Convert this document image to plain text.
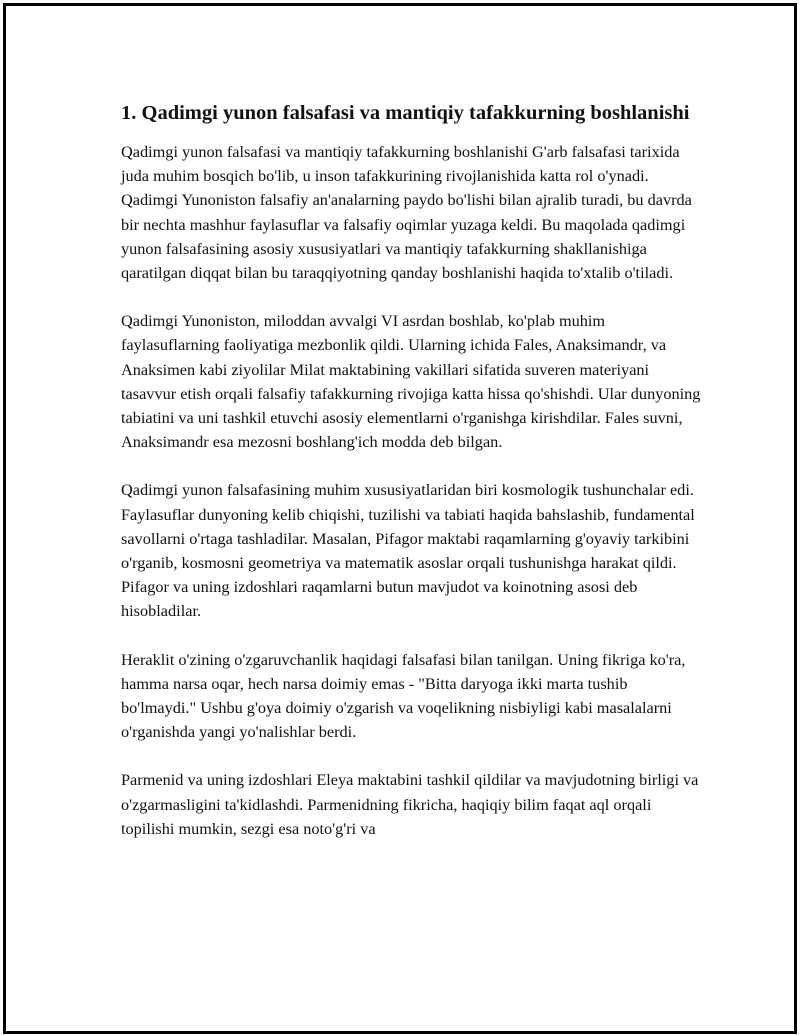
1. Qadimgi yunon falsafasi va mantiqiy tafakkurning boshlanishi

Qadimgi yunon falsafasi va mantiqiy tafakkurning boshlanishi G'arb falsafasi tarixida juda muhim bosqich bo'lib, u inson tafakkurining rivojlanishida katta rol o'ynadi. Qadimgi Yunoniston falsafiy an'analarning paydo bo'lishi bilan ajralib turadi, bu davrda bir nechta mashhur faylasuflar va falsafiy oqimlar yuzaga keldi. Bu maqolada qadimgi yunon falsafasining asosiy xususiyatlari va mantiqiy tafakkurning shakllanishiga qaratilgan diqqat bilan bu taraqqiyotning qanday boshlanishi haqida to'xtalib o'tiladi.

Qadimgi Yunoniston, miloddan avvalgi VI asrdan boshlab, ko'plab muhim faylasuflarning faoliyatiga mezbonlik qildi. Ularning ichida Fales, Anaksimandr, va Anaksimen kabi ziyolilar Milat maktabining vakillari sifatida suveren materiyani tasavvur etish orqali falsafiy tafakkurning rivojiga katta hissa qo'shishdi. Ular dunyoning tabiatini va uni tashkil etuvchi asosiy elementlarni o'rganishga kirishdilar. Fales suvni, Anaksimandr esa mezosni boshlang'ich modda deb bilgan.

Qadimgi yunon falsafasining muhim xususiyatlaridan biri kosmologik tushunchalar edi. Faylasuflar dunyoning kelib chiqishi, tuzilishi va tabiati haqida bahslashib, fundamental savollarni o'rtaga tashladilar. Masalan, Pifagor maktabi raqamlarning g'oyaviy tarkibini o'rganib, kosmosni geometriya va matematik asoslar orqali tushunishga harakat qildi. Pifagor va uning izdoshlari raqamlarni butun mavjudot va koinotning asosi deb hisobladilar.

Heraklit o'zining o'zgaruvchanlik haqidagi falsafasi bilan tanilgan. Uning fikriga ko'ra, hamma narsa oqar, hech narsa doimiy emas - "Bitta daryoga ikki marta tushib bo'lmaydi." Ushbu g'oya doimiy o'zgarish va voqelikning nisbiyligi kabi masalalarni o'rganishda yangi yo'nalishlar berdi.

Parmenid va uning izdoshlari Eleya maktabini tashkil qildilar va mavjudotning birligi va o'zgarmasligini ta'kidlashdi. Parmenidning fikricha, haqiqiy bilim faqat aql orqali topilishi mumkin, sezgi esa noto'g'ri va
